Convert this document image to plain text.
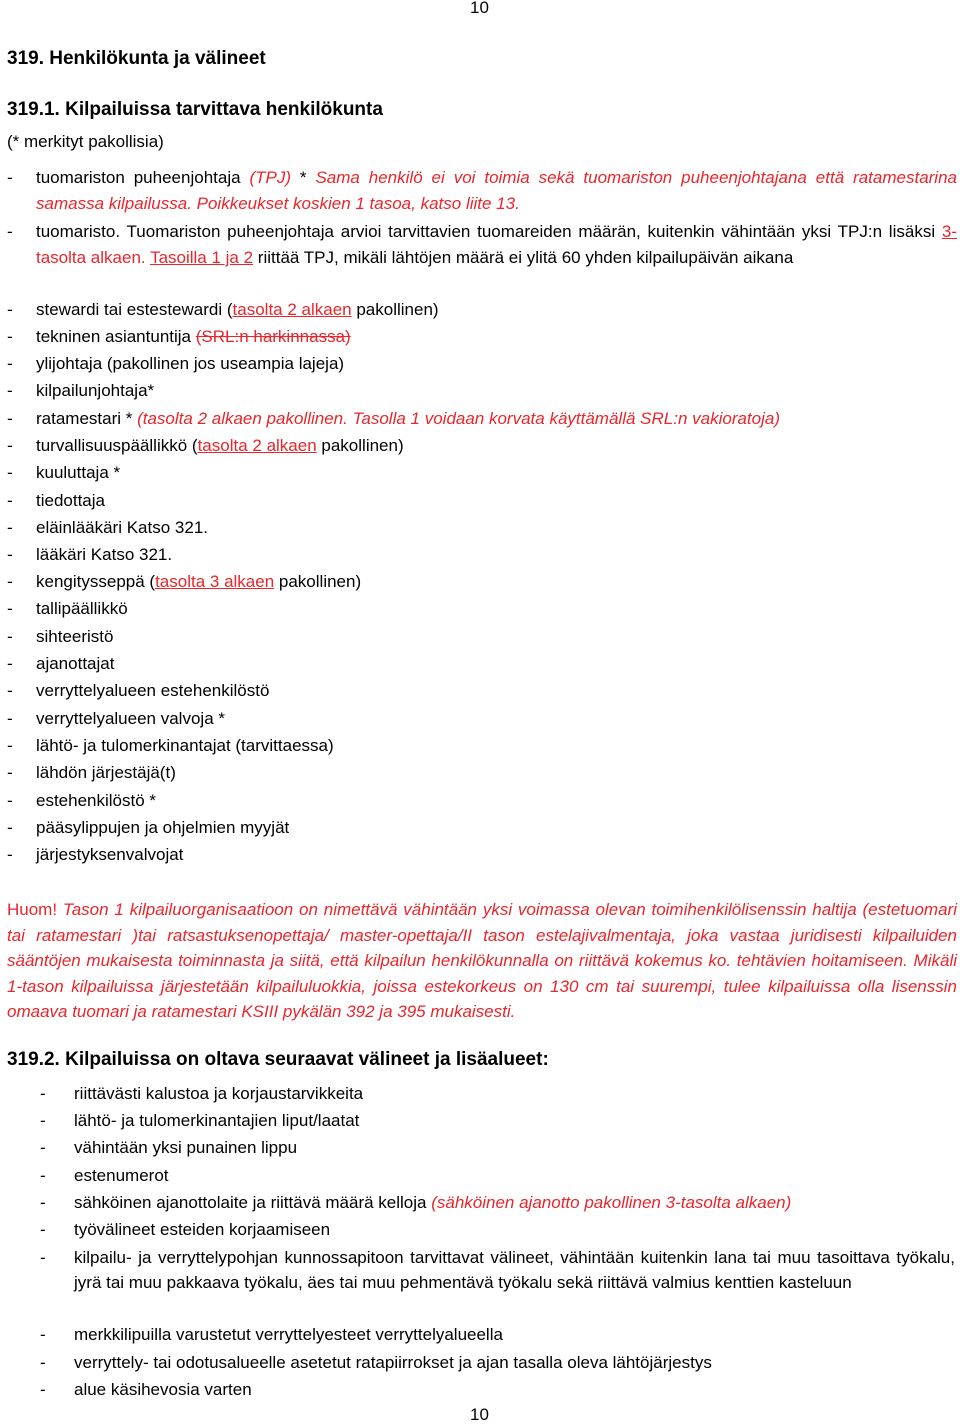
10
319. Henkilökunta ja välineet
319.1. Kilpailuissa tarvittava henkilökunta
(* merkityt pakollisia)
-	tuomariston puheenjohtaja (TPJ) * Sama henkilö ei voi toimia sekä tuomariston puheenjohtajana että ratamestarina samassa kilpailussa. Poikkeukset koskien 1 tasoa, katso liite 13.
-	tuomaristo. Tuomariston puheenjohtaja arvioi tarvittavien tuomareiden määrän, kuitenkin vähintään yksi TPJ:n lisäksi 3-tasolta alkaen. Tasoilla 1 ja 2 riittää TPJ, mikäli lähtöjen määrä ei ylitä 60 yhden kilpailupäivän aikana
-	stewardi tai estestewardi (tasolta 2 alkaen pakollinen)
-	tekninen asiantuntija (SRL:n harkinnassa)
-	ylijohtaja (pakollinen jos useampia lajeja)
-	kilpailunjohtaja*
-	ratamestari * (tasolta 2 alkaen pakollinen. Tasolla 1 voidaan korvata käyttämällä SRL:n vakioratoja)
-	turvallisuuspäällikkö (tasolta 2 alkaen pakollinen)
-	kuuluttaja *
-	tiedottaja
-	eläinlääkäri Katso 321.
-	lääkäri Katso 321.
-	kengitysseppä (tasolta 3 alkaen pakollinen)
-	tallipäällikkö
-	sihteeristö
-	ajanottajat
-	verryttelyalueen estehenkilöstö
-	verryttelyalueen valvoja *
-	lähtö- ja tulomerkinantajat (tarvittaessa)
-	lähdön järjestäjä(t)
-	estehenkilöstö *
-	pääsylippujen ja ohjelmien myyjät
-	järjestyksenvalvojat
Huom! Tason 1 kilpailuorganisaatioon on nimettävä vähintään yksi voimassa olevan toimihenkilölisenssin haltija (estetuomari tai ratamestari )tai ratsastuksenopettaja/ master-opettaja/II tason estelajivalmentaja, joka vastaa juridisesti kilpailuiden sääntöjen mukaisesta toiminnasta ja siitä, että kilpailun henkilökunnalla on riittävä kokemus ko. tehtävien hoitamiseen. Mikäli 1-tason kilpailuissa järjestetään kilpailuluokkia, joissa estekorkeus on 130 cm tai suurempi, tulee kilpailuissa olla lisenssin omaava tuomari ja ratamestari KSIII pykälän 392 ja 395 mukaisesti.
319.2. Kilpailuissa on oltava seuraavat välineet ja lisäalueet:
-	riittävästi kalustoa ja korjaustarvikkeita
-	lähtö- ja tulomerkinantajien liput/laatat
-	vähintään yksi punainen lippu
-	estenumerot
-	sähköinen ajanottolaite ja riittävä määrä kelloja (sähköinen ajanotto pakollinen 3-tasolta alkaen)
-	työvälineet esteiden korjaamiseen
-	kilpailu- ja verryttelypohjan kunnossapitoon tarvittavat välineet, vähintään kuitenkin lana tai muu tasoittava työkalu, jyrä tai muu pakkaava työkalu, äes tai muu pehmentävä työkalu sekä riittävä valmius kenttien kasteluun
-	merkkilipuilla varustetut verryttelyesteet verryttelyalueella
-	verryttely- tai odotusalueelle asetetut ratapiirrokset ja ajan tasalla oleva lähtöjärjestys
-	alue käsihevosia varten
10
